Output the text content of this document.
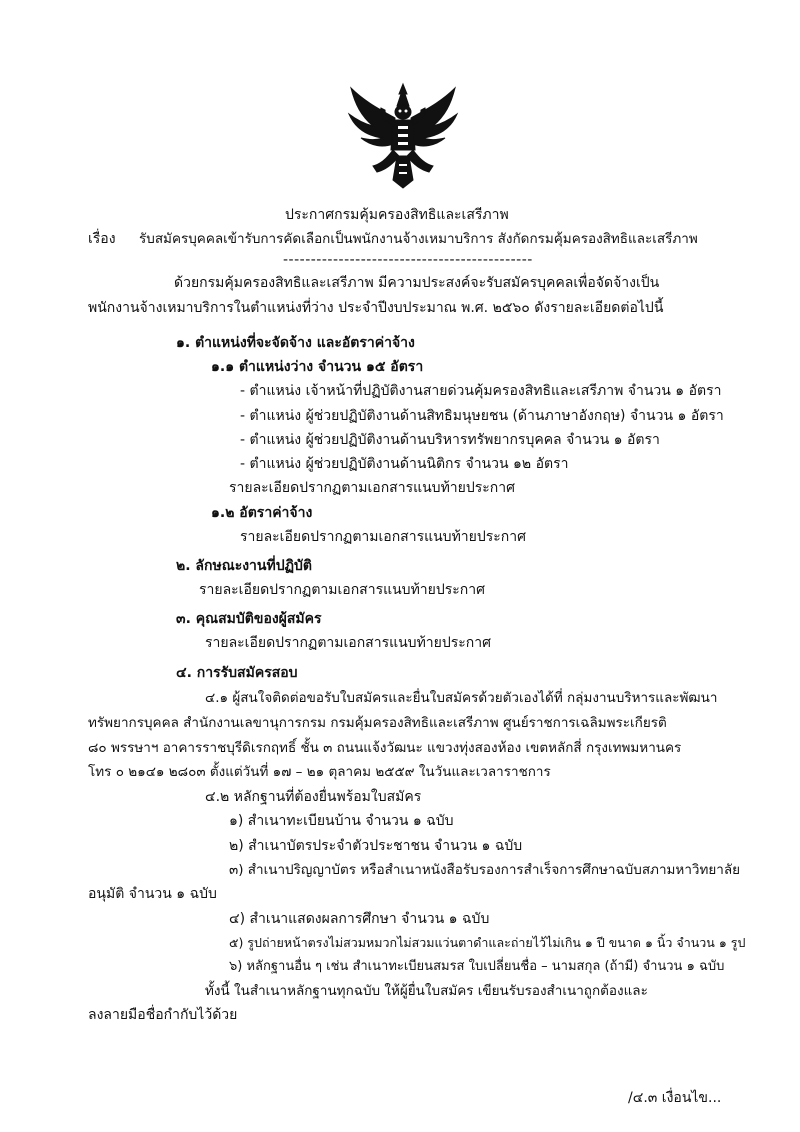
ประกาศกรมคุ้มครองสิทธิและเสรีภาพ
เรื่อง รับสมัครบุคคลเข้ารับการคัดเลือกเป็นพนักงานจ้างเหมาบริการ สังกัดกรมคุ้มครองสิทธิและเสรีภาพ
---------------------------------------------
ด้วยกรมคุ้มครองสิทธิและเสรีภาพ มีความประสงค์จะรับสมัครบุคคลเพื่อจัดจ้างเป็น
พนักงานจ้างเหมาบริการในตำแหน่งที่ว่าง ประจำปีงบประมาณ พ.ศ. ๒๕๖๐ ดังรายละเอียดต่อไปนี้
๑. ตำแหน่งที่จะจัดจ้าง และอัตราค่าจ้าง
๑.๑ ตำแหน่งว่าง จำนวน ๑๕ อัตรา
- ตำแหน่ง เจ้าหน้าที่ปฏิบัติงานสายด่วนคุ้มครองสิทธิและเสรีภาพ จำนวน ๑ อัตรา
- ตำแหน่ง ผู้ช่วยปฏิบัติงานด้านสิทธิมนุษยชน (ด้านภาษาอังกฤษ) จำนวน ๑ อัตรา
- ตำแหน่ง ผู้ช่วยปฏิบัติงานด้านบริหารทรัพยากรบุคคล จำนวน ๑ อัตรา
- ตำแหน่ง ผู้ช่วยปฏิบัติงานด้านนิติกร จำนวน ๑๒ อัตรา
รายละเอียดปรากฏตามเอกสารแนบท้ายประกาศ
๑.๒ อัตราค่าจ้าง
รายละเอียดปรากฏตามเอกสารแนบท้ายประกาศ
๒. ลักษณะงานที่ปฏิบัติ
รายละเอียดปรากฏตามเอกสารแนบท้ายประกาศ
๓. คุณสมบัติของผู้สมัคร
รายละเอียดปรากฏตามเอกสารแนบท้ายประกาศ
๔. การรับสมัครสอบ
๔.๑ ผู้สนใจติดต่อขอรับใบสมัครและยื่นใบสมัครด้วยตัวเองได้ที่ กลุ่มงานบริหารและพัฒนา
ทรัพยากรบุคคล สำนักงานเลขานุการกรม กรมคุ้มครองสิทธิและเสรีภาพ ศูนย์ราชการเฉลิมพระเกียรติ
๘๐ พรรษาฯ อาคารราชบุรีดิเรกฤทธิ์ ชั้น ๓ ถนนแจ้งวัฒนะ แขวงทุ่งสองห้อง เขตหลักสี่ กรุงเทพมหานคร
โทร ๐ ๒๑๔๑ ๒๘๐๓ ตั้งแต่วันที่ ๑๗ – ๒๑ ตุลาคม ๒๕๕๙ ในวันและเวลาราชการ
๔.๒ หลักฐานที่ต้องยื่นพร้อมใบสมัคร
๑) สำเนาทะเบียนบ้าน จำนวน ๑ ฉบับ
๒) สำเนาบัตรประจำตัวประชาชน จำนวน ๑ ฉบับ
๓) สำเนาปริญญาบัตร หรือสำเนาหนังสือรับรองการสำเร็จการศึกษาฉบับสภามหาวิทยาลัย
อนุมัติ จำนวน ๑ ฉบับ
๔) สำเนาแสดงผลการศึกษา จำนวน ๑ ฉบับ
๕) รูปถ่ายหน้าตรงไม่สวมหมวกไม่สวมแว่นตาดำและถ่ายไว้ไม่เกิน ๑ ปี ขนาด ๑ นิ้ว จำนวน ๑ รูป
๖) หลักฐานอื่น ๆ เช่น สำเนาทะเบียนสมรส ใบเปลี่ยนชื่อ – นามสกุล (ถ้ามี) จำนวน ๑ ฉบับ
ทั้งนี้ ในสำเนาหลักฐานทุกฉบับ ให้ผู้ยื่นใบสมัคร เขียนรับรองสำเนาถูกต้องและ
ลงลายมือชื่อกำกับไว้ด้วย
/๔.๓ เงื่อนไข...
